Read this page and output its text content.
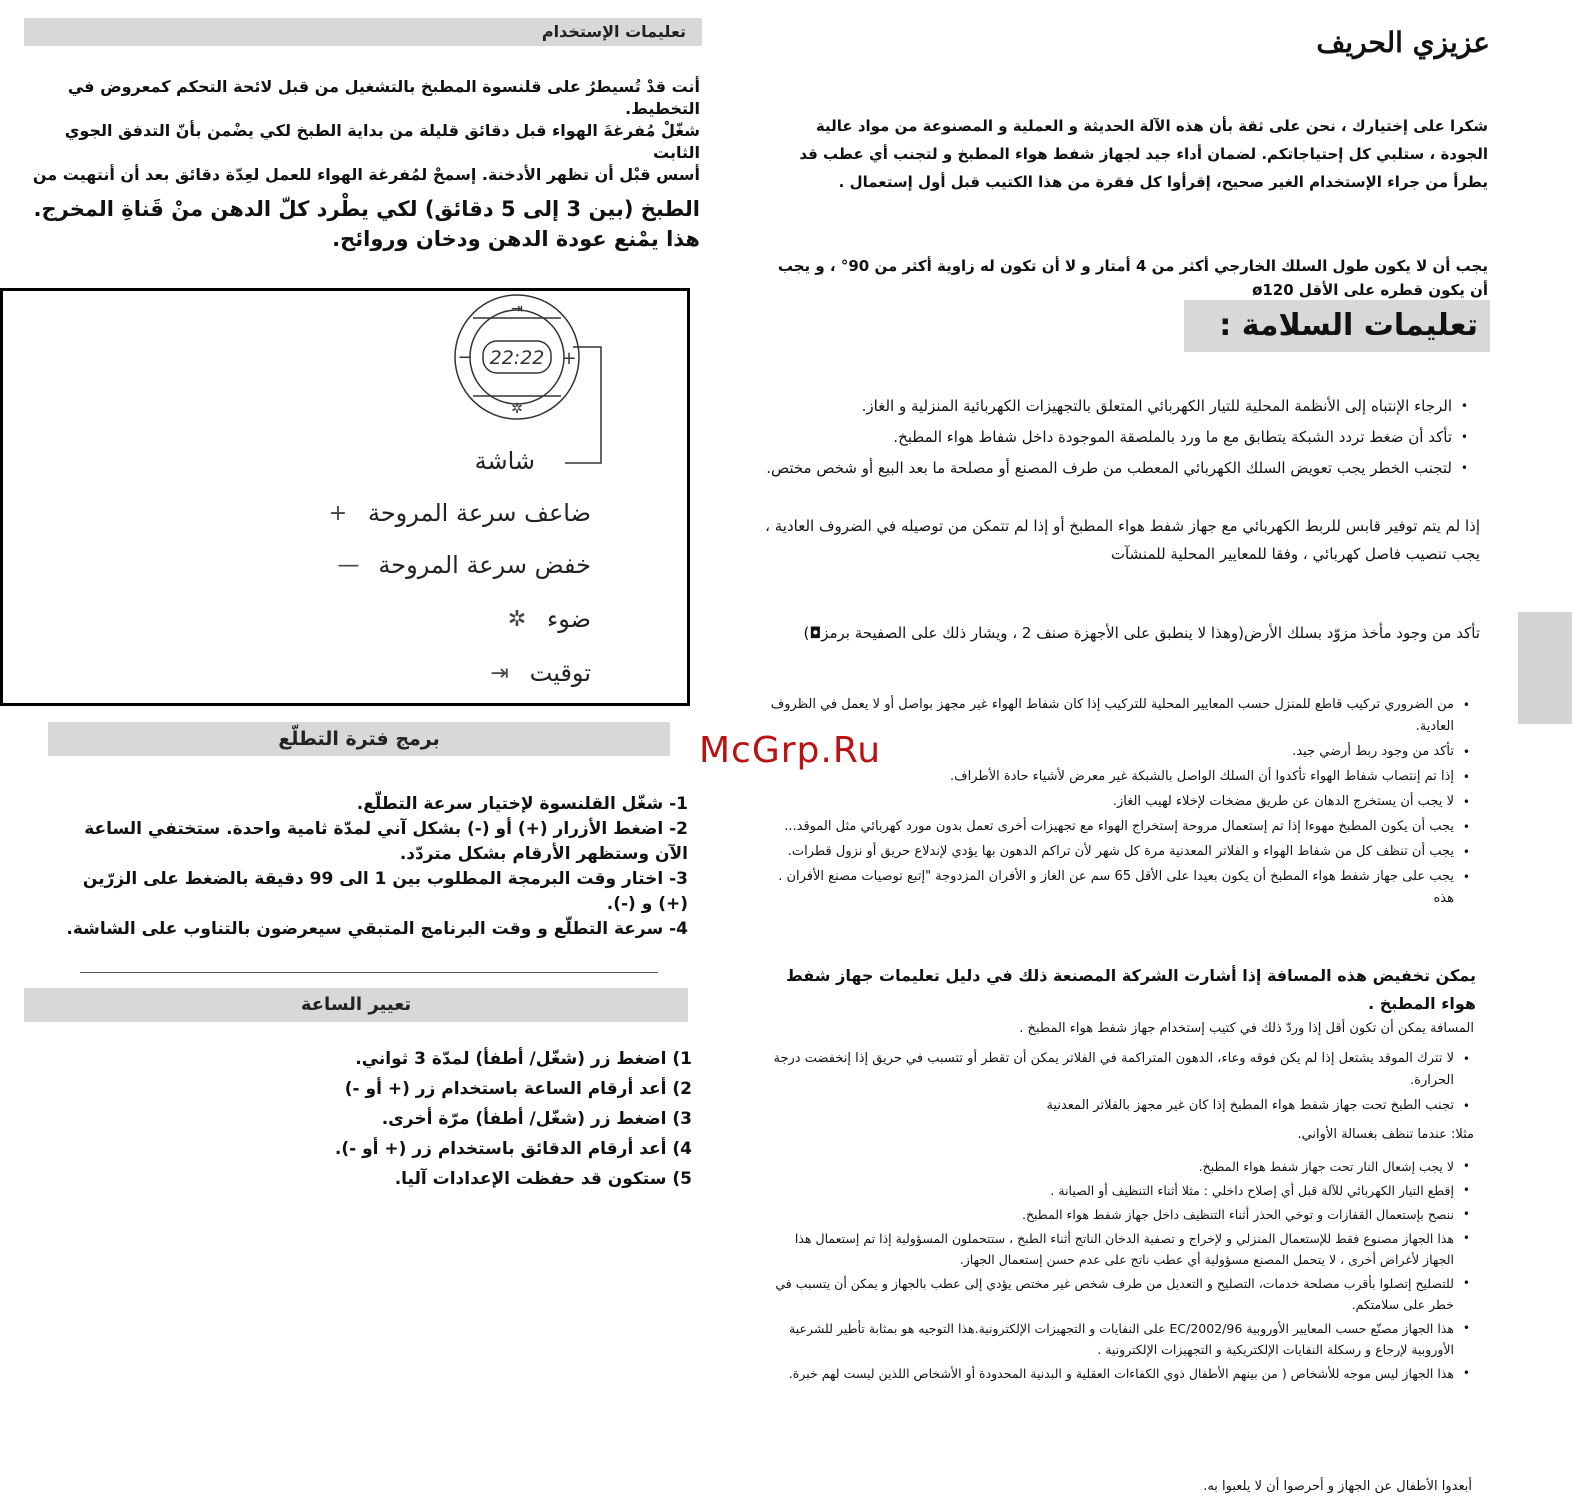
تعليمات الإستخدام

أنت قدْ تُسيطرُ على قلنسوة المطبخ بالتشغيل من قبل لائحة التحكم كمعروض في التخطيط.

شغّلْ مُفرغةَ الهواء قبل دقائق قليلة من بداية الطبخ لكي يضْمن بأنّ التدفق الجوي الثابت

أسس قبْل أن تظهر الأدخنة. إسمحْ لمُفرغة الهواء للعمل لعِدّة دقائق بعد أن أنتهيت من

الطبخ (بين 3 إلى 5 دقائق) لكي يطْرد كلّ الدهن منْ قَناةِ المخرج. هذا يمْنع عودة الدهن ودخان وروائح.

22:22
−	+
✲
⇥
شاشة
ضاعف سرعة المروحة
+
خفض سرعة المروحة
—
ضوء
✲
توقيت
⇥
برمج فترة التطلّع
1- شغّل القلنسوة لإختيار سرعة التطلّع.
2- اضغط الأزرار (+) أو (-) بشكل آني لمدّة ثامية واحدة. ستختفي الساعة الآن وستظهر الأرقام بشكل متردّد.
3- اختار وقت البرمجة المطلوب بين 1 الى 99 دقيقة بالضغط على الزرّين (+) و (-).
4- سرعة التطلّع و وقت البرنامج المتبقي سيعرضون بالتناوب على الشاشة.
تعيير الساعة
1) اضغط زر (شغّل/ أطفأ) لمدّة 3 ثواني.
2) أعد أرقام الساعة باستخدام زر (+ أو -)
3) اضغط زر (شغّل/ أطفأ) مرّة أخرى.
4) أعد أرقام الدقائق باستخدام زر (+ أو -).
5) ستكون قد حفظت الإعدادات آليا.
McGrp.Ru
عزيزي الحريف

شكرا على إختيارك ، نحن على ثقة بأن هذه الآلة الحديثة و العملية و المصنوعة من مواد عالية الجودة ، ستلبي كل إحتياجاتكم. لضمان أداء جيد لجهاز شفط هواء المطبخ و لتجنب أي عطب قد يطرأ من جراء الإستخدام الغير صحيح، إقرأوا كل فقرة من هذا الكتيب قبل أول إستعمال .

يجب أن لا يكون طول السلك الخارجي أكثر من 4 أمتار و لا أن تكون له زاوية أكثر من 90° ، و يجب أن يكون قطره على الأقل ø120

تعليمات السلامة :
• الرجاء الإنتباه إلى الأنظمة المحلية للتيار الكهربائي المتعلق بالتجهيزات الكهربائية المنزلية و الغاز.
• تأكد أن ضغط تردد الشبكة يتطابق مع ما ورد بالملصقة الموجودة داخل شفاط هواء المطبخ.
• لتجنب الخطر يجب تعويض السلك الكهربائي المعطب من طرف المصنع أو مصلحة ما بعد البيع أو شخص مختص.

إذا لم يتم توفير قابس للربط الكهربائي مع جهاز شفط هواء المطبخ أو إذا لم تتمكن من توصيله في الضروف العادية ، يجب تنصيب فاصل كهربائي ، وفقا للمعايير المحلية للمنشآت

تأكد من وجود مأخذ مزوّد بسلك الأرض(وهذا لا ينطبق على الأجهزة صنف 2 ، ويشار ذلك على الصفيحة برمز◘)

• من الضروري تركيب قاطع للمنزل حسب المعايير المحلية للتركيب إذا كان شفاط الهواء غير مجهز بواصل أو لا يعمل في الظروف العادية.
• تأكد من وجود ربط أرضي جيد.
• إذا تم إنتصاب شفاط الهواء تأكدوا أن السلك الواصل بالشبكة غير معرض لأشياء حادة الأطراف.
• لا يجب أن يستخرج الدهان عن طريق مضخات لإخلاء لهيب الغاز.
• يجب أن يكون المطبخ مهوءا إذا تم إستعمال مروحة إستخراج الهواء مع تجهيزات أخرى تعمل بدون مورد كهربائي مثل الموقد...
• يجب أن تنظف كل من شفاط الهواء و الفلاتر المعدنية مرة كل شهر لأن تراكم الدهون بها يؤدي لإندلاع حريق أو نزول قطرات.
• يجب على جهاز شفط هواء المطبخ أن يكون بعيدا على الأقل 65 سم عن الغاز و الأفران المزدوجة "إتبع توصيات مصنع الأفران . هذه

يمكن تخفيض هذه المسافة إذا أشارت الشركة المصنعة ذلك في دليل تعليمات جهاز شفط هواء المطبخ .

المسافة يمكن أن تكون أقل إذا وردّ ذلك في كتيب إستخدام جهاز شفط هواء المطبخ .

• لا تترك الموقد يشتعل إذا لم يكن فوقه وعاء، الدهون المتراكمة في الفلاتر يمكن أن تقطر أو تتسبب في حريق إذا إنخفضت درجة الحرارة.
• تجنب الطبخ تحت جهاز شفط هواء المطبخ إذا كان غير مجهز بالفلاتر المعدنية

مثلا: عندما تنظف بغسالة الأواني.

• لا يجب إشعال النار تحت جهاز شفط هواء المطبخ.
• إقطع التيار الكهربائي للآلة قبل أي إصلاح داخلي : مثلا أثناء التنظيف أو الصيانة .
• ننصح بإستعمال القفازات و توخي الحذر أثناء التنظيف داخل جهاز شفط هواء المطبخ.
• هذا الجهاز مصنوع فقط للإستعمال المنزلي و لإخراج و تصفية الدخان الناتج أثناء الطبخ ، ستتحملون المسؤولية إذا تم إستعمال هذا الجهاز لأغراض أخرى ، لا يتحمل المصنع مسؤولية أي عطب ناتج على عدم حسن إستعمال الجهاز.
• للتصليح إتصلوا بأقرب مصلحة خدمات، التصليح و التعديل من طرف شخص غير مختص يؤدي إلى عطب بالجهاز و يمكن أن يتسبب في خطر على سلامتكم.
• هذا الجهاز مصنّع حسب المعايير الأوروبية 2002/96/EC على النفايات و التجهيزات الإلكترونية.هذا التوجيه هو بمثابة تأطير للشرعية الأوروبية لإرجاع و رسكلة النفايات الإلكتريكية و التجهيزات الإلكترونية .
• هذا الجهاز ليس موجه للأشخاص ( من بينهم الأطفال ذوي الكفاءات العقلية و البدنية المحدودة أو الأشخاص اللذين ليست لهم خبرة.

أبعدوا الأطفال عن الجهاز و أحرصوا أن لا يلعبوا به.
